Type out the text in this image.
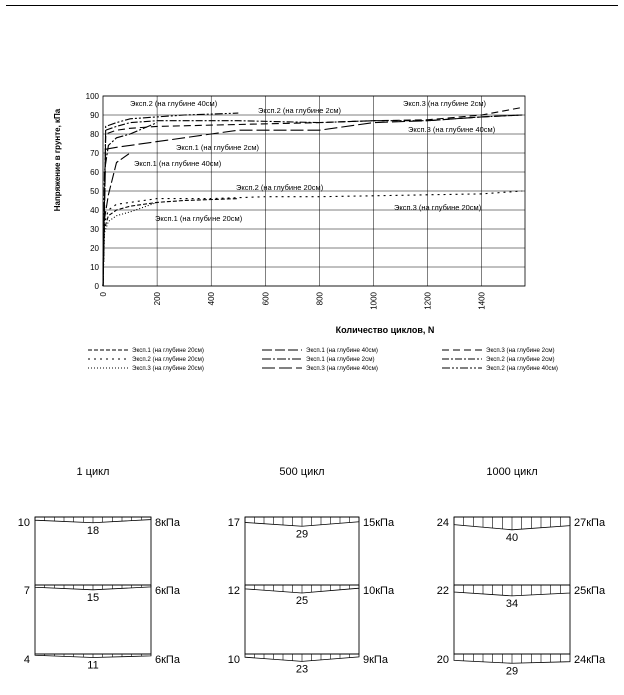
0
10
20
30
40
50
60
70
80
90
100
0	200	400	600	800	1000	1200	1400
Напряжение в грунте, кПа
Количество циклов, N
Эксп.2 (на глубине 40см)
Эксп.2 (на глубине 2см)
Эксп.3 (на глубине 2см)
Эксп.3 (на глубине 40см)
Эксп.1 (на глубине 2см)
Эксп.1 (на глубине 40см)
Эксп.2 (на глубине 20см)
Эксп.3 (на глубине 20см)
Эксп.1 (на глубине 20см)
Эксп.1 (на глубине 20см)
Эксп.2 (на глубине 20см)
Эксп.3 (на глубине 20см)
Эксп.1 (на глубине 40см)
Эксп.1 (на глубине 2см)
Эксп.3 (на глубине 40см)
Эксп.3 (на глубине 2см)
Эксп.2 (на глубине 2см)
Эксп.2 (на глубине 40см)
1 цикл
10
18
8кПа
7
15
6кПа
4	11	6кПа
500 цикл
17
29
15кПа
12
25
10кПа
10
23
9кПа
1000 цикл
24
40
27кПа
22
34
25кПа
20
29
24кПа
